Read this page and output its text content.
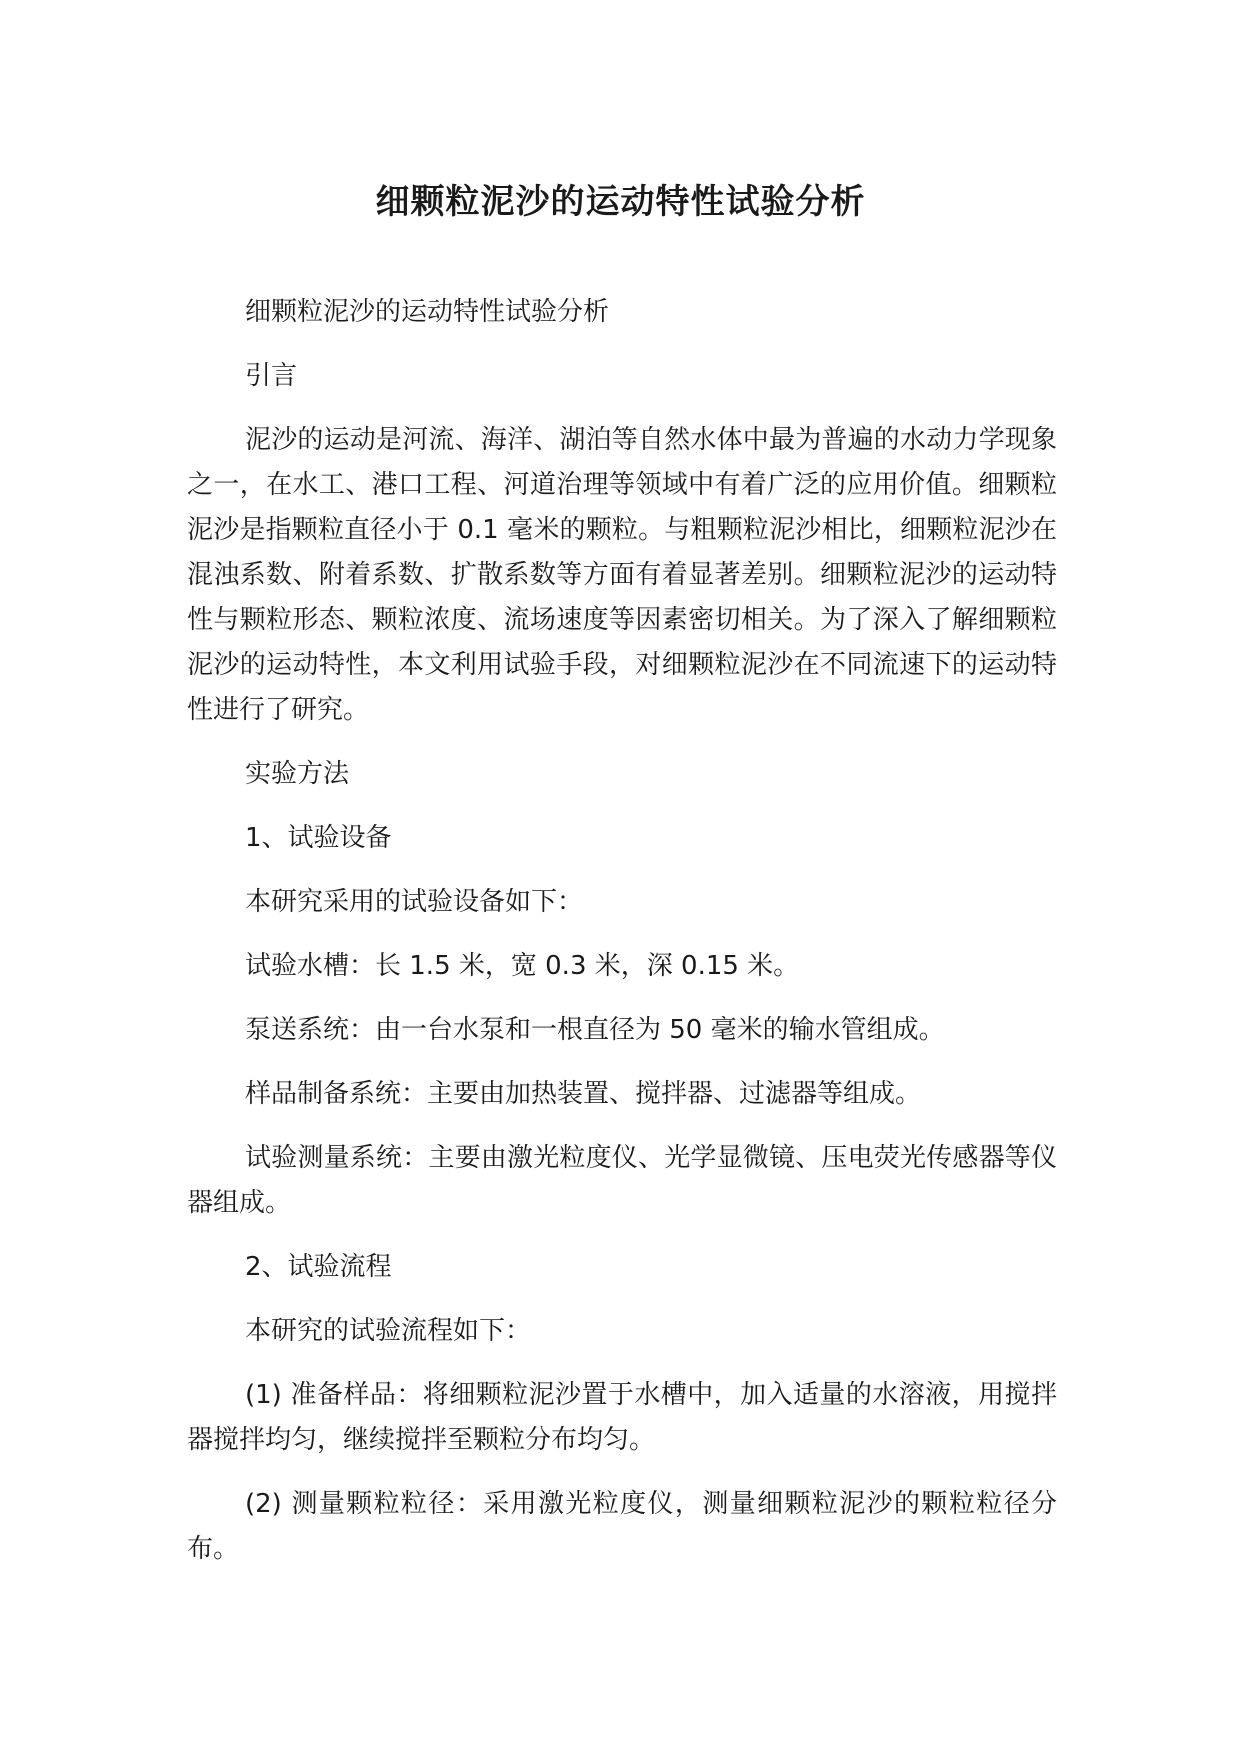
细颗粒泥沙的运动特性试验分析

细颗粒泥沙的运动特性试验分析

引言

泥沙的运动是河流、海洋、湖泊等自然水体中最为普遍的水动力学现象之一，在水工、港口工程、河道治理等领域中有着广泛的应用价值。细颗粒泥沙是指颗粒直径小于 0.1 毫米的颗粒。与粗颗粒泥沙相比，细颗粒泥沙在混浊系数、附着系数、扩散系数等方面有着显著差别。细颗粒泥沙的运动特性与颗粒形态、颗粒浓度、流场速度等因素密切相关。为了深入了解细颗粒泥沙的运动特性，本文利用试验手段，对细颗粒泥沙在不同流速下的运动特性进行了研究。

实验方法

1、试验设备

本研究采用的试验设备如下：

试验水槽：长 1.5 米，宽 0.3 米，深 0.15 米。

泵送系统：由一台水泵和一根直径为 50 毫米的输水管组成。

样品制备系统：主要由加热装置、搅拌器、过滤器等组成。

试验测量系统：主要由激光粒度仪、光学显微镜、压电荧光传感器等仪器组成。

2、试验流程

本研究的试验流程如下：

(1) 准备样品：将细颗粒泥沙置于水槽中，加入适量的水溶液，用搅拌器搅拌均匀，继续搅拌至颗粒分布均匀。

(2) 测量颗粒粒径：采用激光粒度仪，测量细颗粒泥沙的颗粒粒径分布。
